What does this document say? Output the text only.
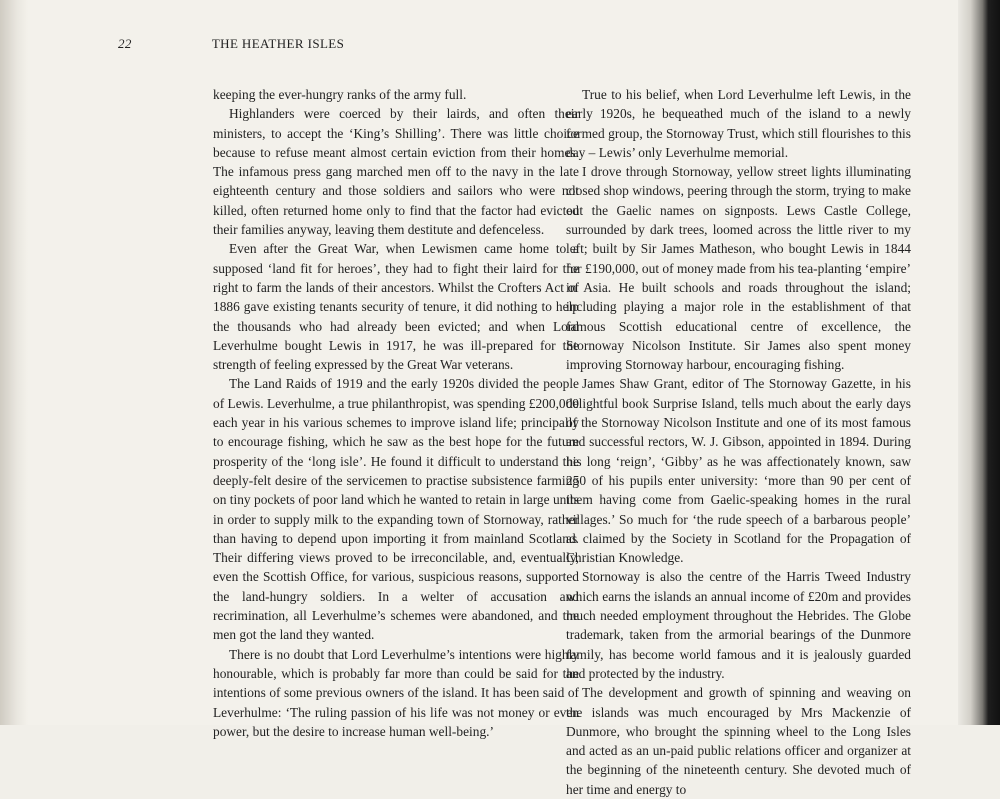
22	THE HEATHER ISLES

keeping the ever-hungry ranks of the army full.

Highlanders were coerced by their lairds, and often their ministers, to accept the ‘King’s Shilling’. There was little choice because to refuse meant almost certain eviction from their homes. The infamous press gang marched men off to the navy in the late eighteenth century and those soldiers and sailors who were not killed, often returned home only to find that the factor had evicted their families anyway, leaving them destitute and defenceless.

Even after the Great War, when Lewismen came home to a supposed ‘land fit for heroes’, they had to fight their laird for the right to farm the lands of their ancestors. Whilst the Crofters Act of 1886 gave existing tenants security of tenure, it did nothing to help the thousands who had already been evicted; and when Lord Leverhulme bought Lewis in 1917, he was ill-prepared for the strength of feeling expressed by the Great War veterans.

The Land Raids of 1919 and the early 1920s divided the people of Lewis. Leverhulme, a true philanthropist, was spending £200,000 each year in his various schemes to improve island life; principally to encourage fishing, which he saw as the best hope for the future prosperity of the ‘long isle’. He found it difficult to understand the deeply-felt desire of the servicemen to practise subsistence farming on tiny pockets of poor land which he wanted to retain in large units in order to supply milk to the expanding town of Stornoway, rather than having to depend upon importing it from mainland Scotland. Their differing views proved to be irreconcilable, and, eventually, even the Scottish Office, for various, suspicious reasons, supported the land-hungry soldiers. In a welter of accusation and recrimination, all Leverhulme’s schemes were abandoned, and the men got the land they wanted.

There is no doubt that Lord Leverhulme’s intentions were highly honourable, which is probably far more than could be said for the intentions of some previous owners of the island. It has been said of Leverhulme: ‘The ruling passion of his life was not money or even power, but the desire to increase human well-being.’

True to his belief, when Lord Leverhulme left Lewis, in the early 1920s, he bequeathed much of the island to a newly formed group, the Stornoway Trust, which still flourishes to this day – Lewis’ only Leverhulme memorial.

I drove through Stornoway, yellow street lights illuminating closed shop windows, peering through the storm, trying to make out the Gaelic names on signposts. Lews Castle College, surrounded by dark trees, loomed across the little river to my left; built by Sir James Matheson, who bought Lewis in 1844 for £190,000, out of money made from his tea-planting ‘empire’ in Asia. He built schools and roads throughout the island; including playing a major role in the establishment of that famous Scottish educational centre of excellence, the Stornoway Nicolson Institute. Sir James also spent money improving Stornoway harbour, encouraging fishing.

James Shaw Grant, editor of The Stornoway Gazette, in his delightful book Surprise Island, tells much about the early days of the Stornoway Nicolson Institute and one of its most famous and successful rectors, W. J. Gibson, appointed in 1894. During his long ‘reign’, ‘Gibby’ as he was affectionately known, saw 250 of his pupils enter university: ‘more than 90 per cent of them having come from Gaelic-speaking homes in the rural villages.’ So much for ‘the rude speech of a barbarous people’ as claimed by the Society in Scotland for the Propagation of Christian Knowledge.

Stornoway is also the centre of the Harris Tweed Industry which earns the islands an annual income of £20m and provides much needed employment throughout the Hebrides. The Globe trademark, taken from the armorial bearings of the Dunmore family, has become world famous and it is jealously guarded and protected by the industry.

The development and growth of spinning and weaving on the islands was much encouraged by Mrs Mackenzie of Dunmore, who brought the spinning wheel to the Long Isles and acted as an un-paid public relations officer and organizer at the beginning of the nineteenth century. She devoted much of her time and energy to
